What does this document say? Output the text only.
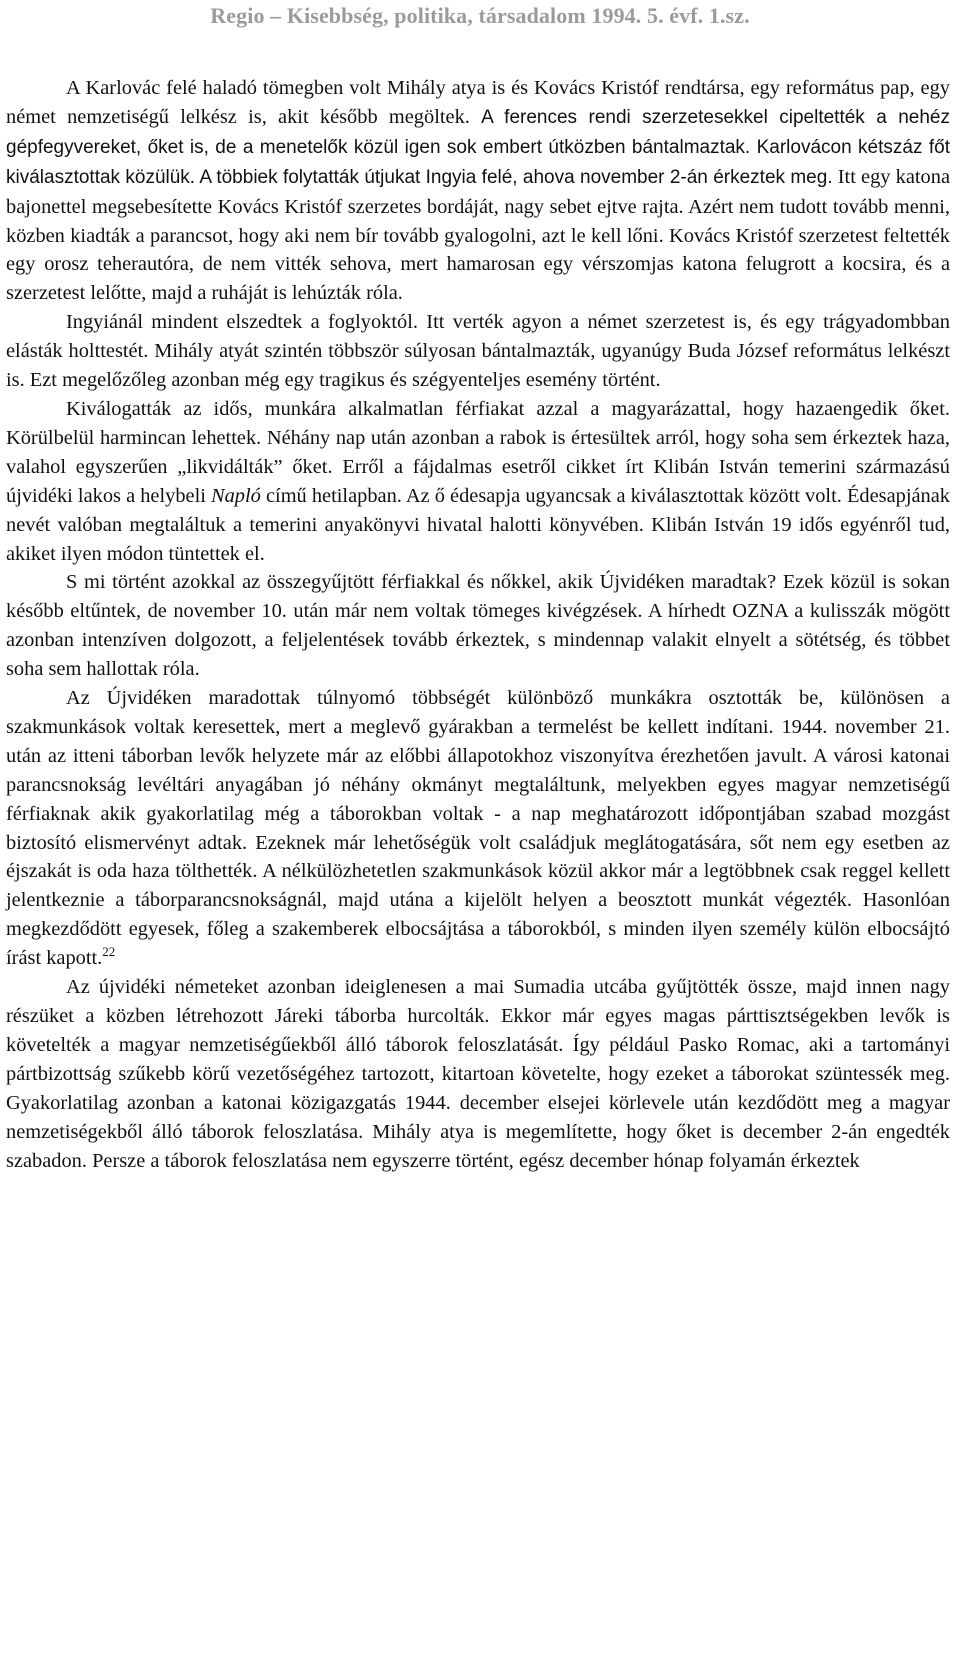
Regio – Kisebbség, politika, társadalom 1994. 5. évf. 1.sz.

A Karlovác felé haladó tömegben volt Mihály atya is és Kovács Kristóf rendtársa, egy református pap, egy német nemzetiségű lelkész is, akit később megöltek. A ferences rendi szerzetesekkel cipeltették a nehéz gépfegyvereket, őket is, de a menetelők közül igen sok embert útközben bántalmaztak. Karlovácon kétszáz főt kiválasztottak közülük. A többiek folytatták útjukat Ingyia felé, ahova november 2-án érkeztek meg. Itt egy katona bajonettel megsebesítette Kovács Kristóf szerzetes bordáját, nagy sebet ejtve rajta. Azért nem tudott tovább menni, közben kiadták a parancsot, hogy aki nem bír tovább gyalogolni, azt le kell lőni. Kovács Kristóf szerzetest feltették egy orosz teherautóra, de nem vitték sehova, mert hamarosan egy vérszomjas katona felugrott a kocsira, és a szerzetest lelőtte, majd a ruháját is lehúzták róla.

Ingyiánál mindent elszedtek a foglyoktól. Itt verték agyon a német szerzetest is, és egy trágyadombban elásták holttestét. Mihály atyát szintén többször súlyosan bántalmazták, ugyanúgy Buda József református lelkészt is. Ezt megelőzőleg azonban még egy tragikus és szégyenteljes esemény történt.

Kiválogatták az idős, munkára alkalmatlan férfiakat azzal a magyarázattal, hogy hazaengedik őket. Körülbelül harmincan lehettek. Néhány nap után azonban a rabok is értesültek arról, hogy soha sem érkeztek haza, valahol egyszerűen „likvidálták” őket. Erről a fájdalmas esetről cikket írt Klibán István temerini származású újvidéki lakos a helybeli Napló című hetilapban. Az ő édesapja ugyancsak a kiválasztottak között volt. Édesapjának nevét valóban megtaláltuk a temerini anyakönyvi hivatal halotti könyvében. Klibán István 19 idős egyénről tud, akiket ilyen módon tüntettek el.

S mi történt azokkal az összegyűjtött férfiakkal és nőkkel, akik Újvidéken maradtak? Ezek közül is sokan később eltűntek, de november 10. után már nem voltak tömeges kivégzések. A hírhedt OZNA a kulisszák mögött azonban intenzíven dolgozott, a feljelentések tovább érkeztek, s mindennap valakit elnyelt a sötétség, és többet soha sem hallottak róla.

Az Újvidéken maradottak túlnyomó többségét különböző munkákra osztották be, különösen a szakmunkások voltak keresettek, mert a meglevő gyárakban a termelést be kellett indítani. 1944. november 21. után az itteni táborban levők helyzete már az előbbi állapotokhoz viszonyítva érezhetően javult. A városi katonai parancsnokság levéltári anyagában jó néhány okmányt megtaláltunk, melyekben egyes magyar nemzetiségű férfiaknak akik gyakorlatilag még a táborokban voltak - a nap meghatározott időpontjában szabad mozgást biztosító elismervényt adtak. Ezeknek már lehetőségük volt családjuk meglátogatására, sőt nem egy esetben az éjszakát is oda haza tölthették. A nélkülözhetetlen szakmunkások közül akkor már a legtöbbnek csak reggel kellett jelentkeznie a táborparancsnokságnál, majd utána a kijelölt helyen a beosztott munkát végezték. Hasonlóan megkezdődött egyesek, főleg a szakemberek elbocsájtása a táborokból, s minden ilyen személy külön elbocsájtó írást kapott.$^{22}$

Az újvidéki németeket azonban ideiglenesen a mai Sumadia utcába gyűjtötték össze, majd innen nagy részüket a közben létrehozott Járeki táborba hurcolták. Ekkor már egyes magas párttisztségekben levők is követelték a magyar nemzetiségűekből álló táborok feloszlatását. Így például Pasko Romac, aki a tartományi pártbizottság szűkebb körű vezetőségéhez tartozott, kitartoan követelte, hogy ezeket a táborokat szüntessék meg. Gyakorlatilag azonban a katonai közigazgatás 1944. december elsejei körlevele után kezdődött meg a magyar nemzetiségekből álló táborok feloszlatása. Mihály atya is megemlítette, hogy őket is december 2-án engedték szabadon. Persze a táborok feloszlatása nem egyszerre történt, egész december hónap folyamán érkeztek
